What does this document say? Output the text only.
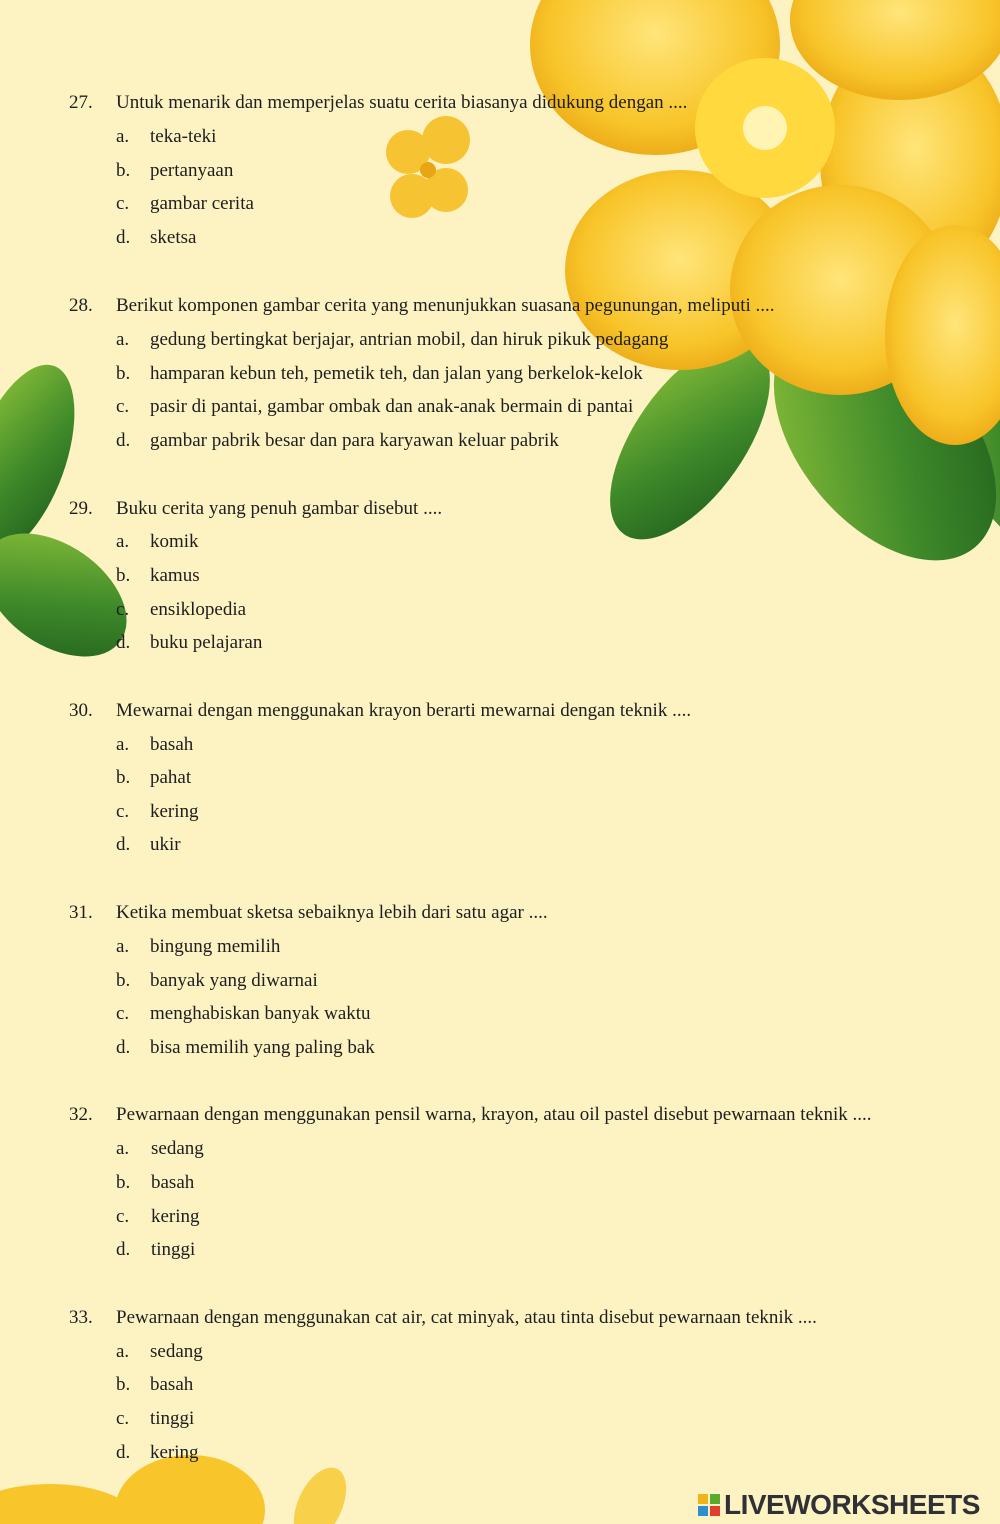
27. Untuk menarik dan memperjelas suatu cerita biasanya didukung dengan ....
a. teka-teki
b. pertanyaan
c. gambar cerita
d. sketsa
28. Berikut komponen gambar cerita yang menunjukkan suasana pegunungan, meliputi ....
a. gedung bertingkat berjajar, antrian mobil, dan hiruk pikuk pedagang
b. hamparan kebun teh, pemetik teh, dan jalan yang berkelok-kelok
c. pasir di pantai, gambar ombak dan anak-anak bermain di pantai
d. gambar pabrik besar dan para karyawan keluar pabrik
29. Buku cerita yang penuh gambar disebut ....
a. komik
b. kamus
c. ensiklopedia
d. buku pelajaran
30. Mewarnai dengan menggunakan krayon berarti mewarnai dengan teknik ....
a. basah
b. pahat
c. kering
d. ukir
31. Ketika membuat sketsa sebaiknya lebih dari satu agar ....
a. bingung memilih
b. banyak yang diwarnai
c. menghabiskan banyak waktu
d. bisa memilih yang paling bak
32. Pewarnaan dengan menggunakan pensil warna, krayon, atau oil pastel disebut pewarnaan teknik ....
a. sedang
b. basah
c. kering
d. tinggi
33. Pewarnaan dengan menggunakan cat air, cat minyak, atau tinta disebut pewarnaan teknik ....
a. sedang
b. basah
c. tinggi
d. kering
LIVEWORKSHEETS
